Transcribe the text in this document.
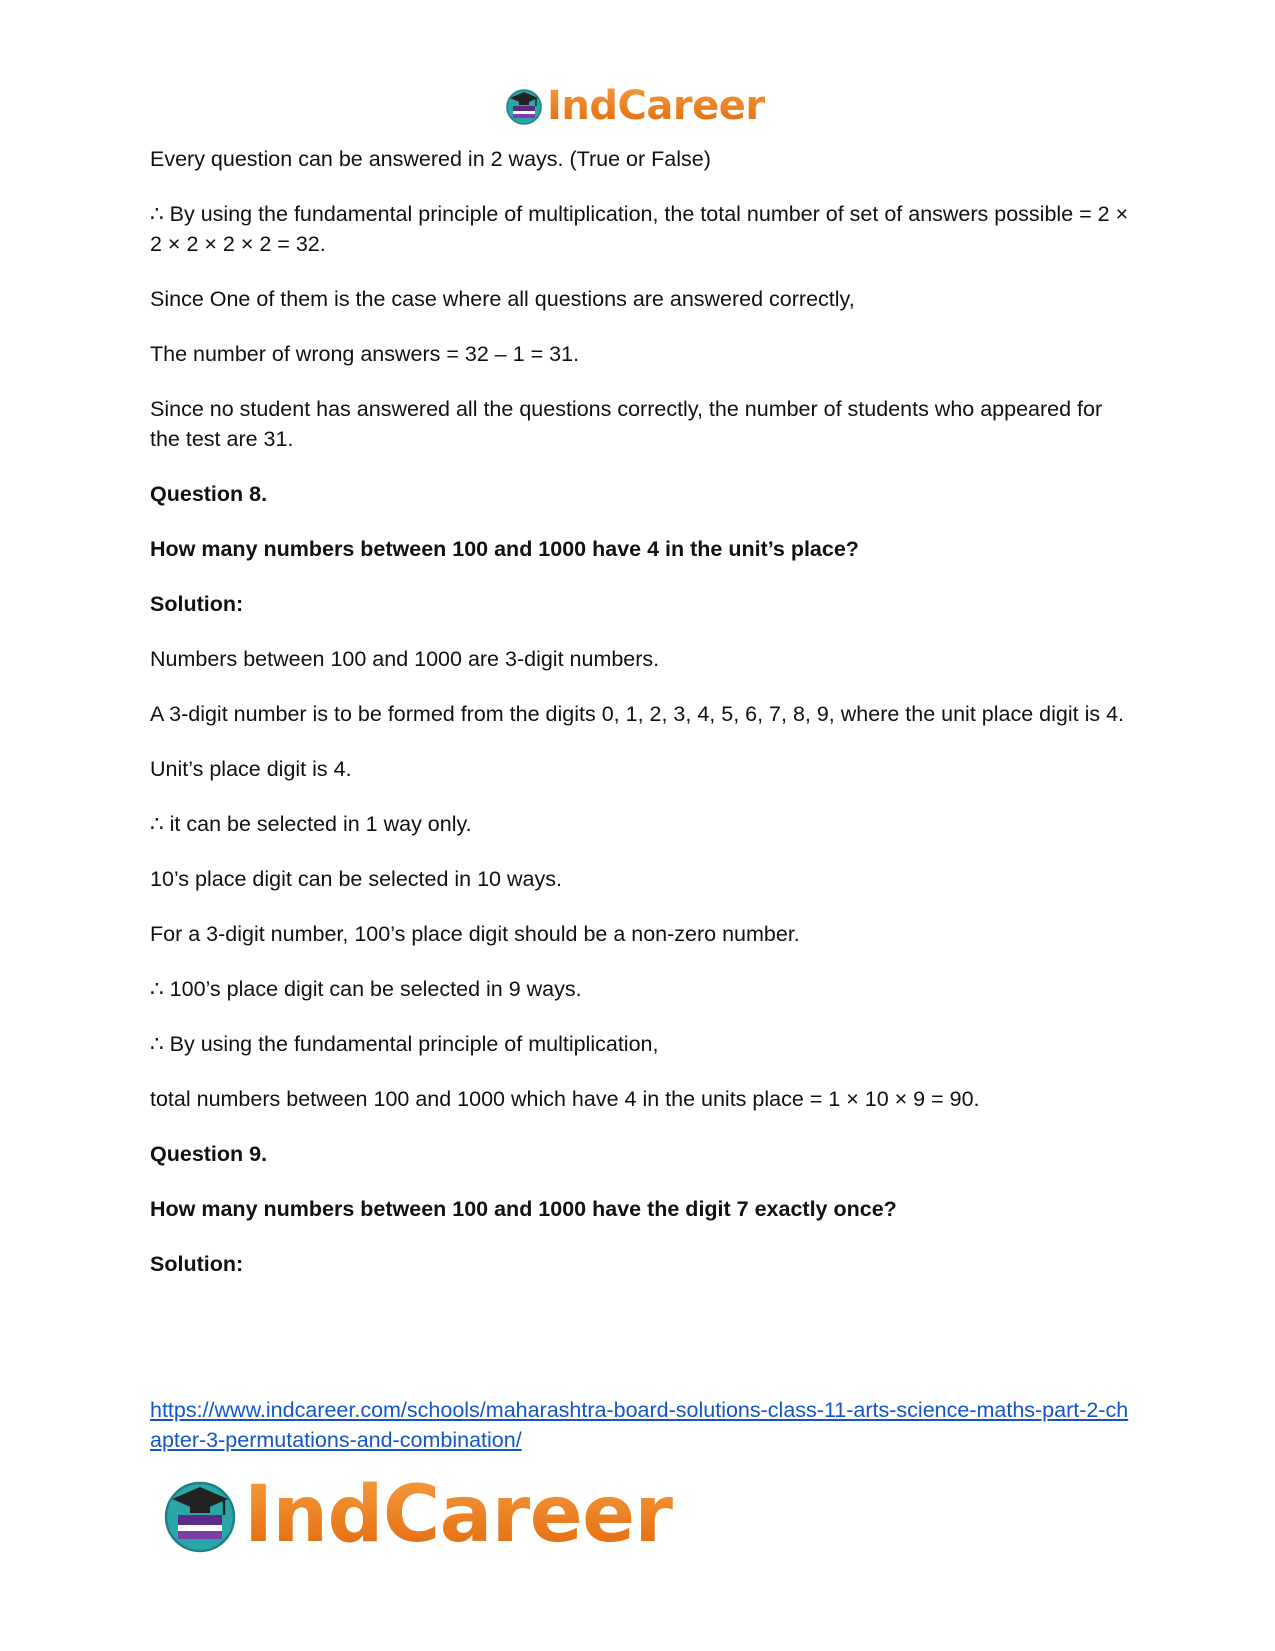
IndCareer

Every question can be answered in 2 ways. (True or False)

∴ By using the fundamental principle of multiplication, the total number of set of answers possible = 2 × 2 × 2 × 2 × 2 = 32.

Since One of them is the case where all questions are answered correctly,

The number of wrong answers = 32 – 1 = 31.

Since no student has answered all the questions correctly, the number of students who appeared for the test are 31.

Question 8.

How many numbers between 100 and 1000 have 4 in the unit’s place?

Solution:

Numbers between 100 and 1000 are 3-digit numbers.

A 3-digit number is to be formed from the digits 0, 1, 2, 3, 4, 5, 6, 7, 8, 9, where the unit place digit is 4.

Unit’s place digit is 4.

∴ it can be selected in 1 way only.

10’s place digit can be selected in 10 ways.

For a 3-digit number, 100’s place digit should be a non-zero number.

∴ 100’s place digit can be selected in 9 ways.

∴ By using the fundamental principle of multiplication,

total numbers between 100 and 1000 which have 4 in the units place = 1 × 10 × 9 = 90.

Question 9.

How many numbers between 100 and 1000 have the digit 7 exactly once?

Solution:

https://www.indcareer.com/schools/maharashtra-board-solutions-class-11-arts-science-maths-part-2-chapter-3-permutations-and-combination/
IndCareer
